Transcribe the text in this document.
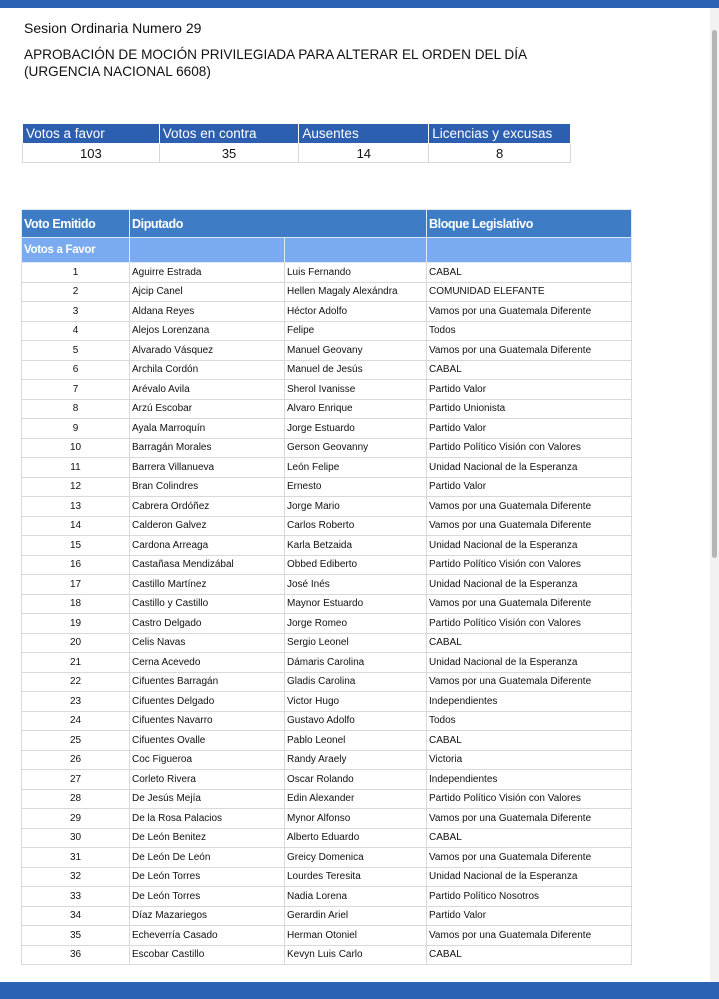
Sesion Ordinaria Numero 29
APROBACIÓN DE MOCIÓN PRIVILEGIADA PARA ALTERAR EL ORDEN DEL DÍA
(URGENCIA NACIONAL 6608)
Votos a favor	Votos en contra	Ausentes	Licencias y excusas
103	35	14	8
Voto Emitido	Diputado		Bloque Legislativo
Votos a Favor			
1	Aguirre Estrada	Luis Fernando	CABAL
2	Ajcip Canel	Hellen Magaly Alexándra	COMUNIDAD ELEFANTE
3	Aldana Reyes	Héctor Adolfo	Vamos por una Guatemala Diferente
4	Alejos Lorenzana	Felipe	Todos
5	Alvarado Vásquez	Manuel Geovany	Vamos por una Guatemala Diferente
6	Archila Cordón	Manuel de Jesús	CABAL
7	Arévalo Avila	Sherol Ivanisse	Partido Valor
8	Arzú Escobar	Alvaro Enrique	Partido Unionista
9	Ayala Marroquín	Jorge Estuardo	Partido Valor
10	Barragán Morales	Gerson Geovanny	Partido Político Visión con Valores
11	Barrera Villanueva	León Felipe	Unidad Nacional de la Esperanza
12	Bran Colindres	Ernesto	Partido Valor
13	Cabrera Ordóñez	Jorge Mario	Vamos por una Guatemala Diferente
14	Calderon Galvez	Carlos Roberto	Vamos por una Guatemala Diferente
15	Cardona Arreaga	Karla Betzaida	Unidad Nacional de la Esperanza
16	Castañasa Mendizábal	Obbed Ediberto	Partido Político Visión con Valores
17	Castillo Martínez	José Inés	Unidad Nacional de la Esperanza
18	Castillo y Castillo	Maynor Estuardo	Vamos por una Guatemala Diferente
19	Castro Delgado	Jorge Romeo	Partido Político Visión con Valores
20	Celis Navas	Sergio Leonel	CABAL
21	Cerna Acevedo	Dámaris Carolina	Unidad Nacional de la Esperanza
22	Cifuentes Barragán	Gladis Carolina	Vamos por una Guatemala Diferente
23	Cifuentes Delgado	Victor Hugo	Independientes
24	Cifuentes Navarro	Gustavo Adolfo	Todos
25	Cifuentes Ovalle	Pablo Leonel	CABAL
26	Coc Figueroa	Randy Araely	Victoria
27	Corleto Rivera	Oscar Rolando	Independientes
28	De Jesús Mejía	Edin Alexander	Partido Político Visión con Valores
29	De la Rosa Palacios	Mynor Alfonso	Vamos por una Guatemala Diferente
30	De León Benitez	Alberto Eduardo	CABAL
31	De León De León	Greicy Domenica	Vamos por una Guatemala Diferente
32	De León Torres	Lourdes Teresita	Unidad Nacional de la Esperanza
33	De León Torres	Nadia Lorena	Partido Político Nosotros
34	Díaz Mazariegos	Gerardin Ariel	Partido Valor
35	Echeverría Casado	Herman Otoniel	Vamos por una Guatemala Diferente
36	Escobar Castillo	Kevyn Luis Carlo	CABAL
